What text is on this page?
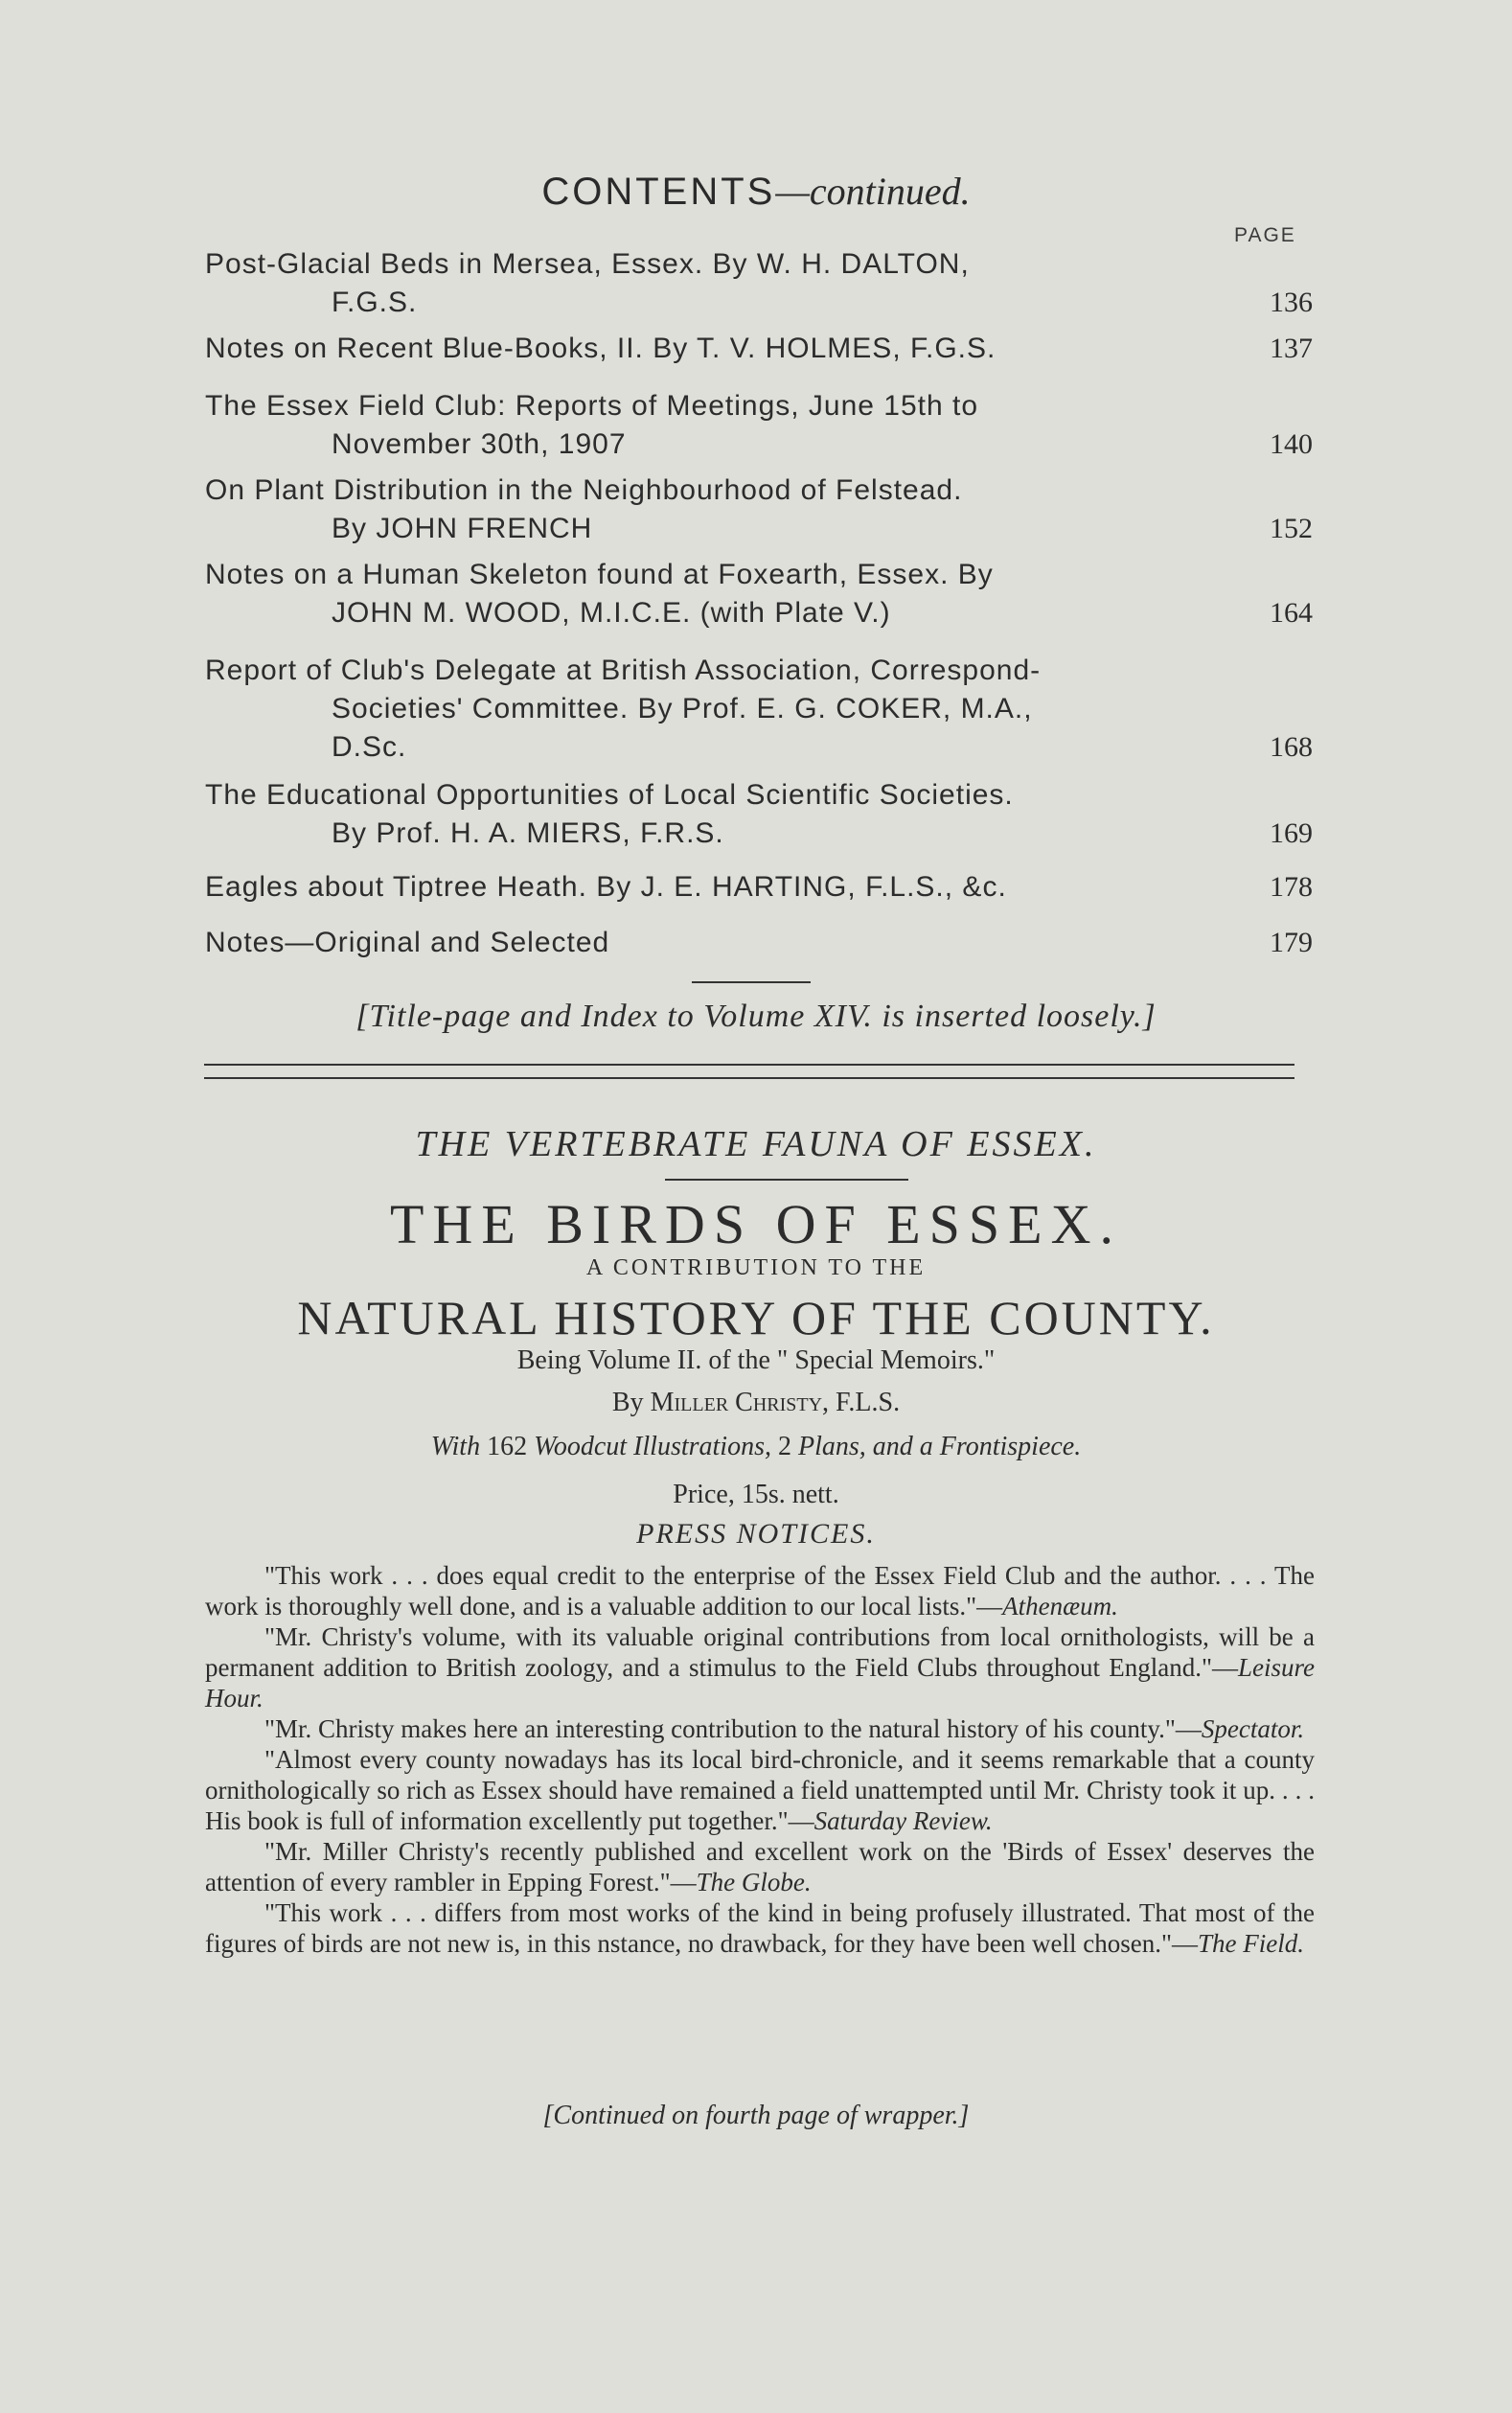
CONTENTS—continued.
PAGE
Post-Glacial Beds in Mersea, Essex. By W. H. DALTON,
F.G.S.	136
Notes on Recent Blue-Books, II. By T. V. HOLMES, F.G.S.	137
The Essex Field Club: Reports of Meetings, June 15th to
November 30th, 1907	140
On Plant Distribution in the Neighbourhood of Felstead.
By JOHN FRENCH	152
Notes on a Human Skeleton found at Foxearth, Essex. By
JOHN M. WOOD, M.I.C.E. (with Plate V.)	164
Report of Club's Delegate at British Association, Correspond-
Societies' Committee. By Prof. E. G. COKER, M.A.,
D.Sc.	168
The Educational Opportunities of Local Scientific Societies.
By Prof. H. A. MIERS, F.R.S.	169
Eagles about Tiptree Heath. By J. E. HARTING, F.L.S., &c.	178
Notes—Original and Selected	179
[Title-page and Index to Volume XIV. is inserted loosely.]
THE VERTEBRATE FAUNA OF ESSEX.
THE BIRDS OF ESSEX.
A CONTRIBUTION TO THE
NATURAL HISTORY OF THE COUNTY.
Being Volume II. of the " Special Memoirs."
By Miller Christy, F.L.S.
With 162 Woodcut Illustrations, 2 Plans, and a Frontispiece.
Price, 15s. nett.
PRESS NOTICES.

"This work . . . does equal credit to the enterprise of the Essex Field Club and the author. . . . The work is thoroughly well done, and is a valuable addition to our local lists."—Athenæum.

"Mr. Christy's volume, with its valuable original contributions from local ornithologists, will be a permanent addition to British zoology, and a stimulus to the Field Clubs throughout England."—Leisure Hour.

"Mr. Christy makes here an interesting contribution to the natural history of his county."—Spectator.

"Almost every county nowadays has its local bird-chronicle, and it seems remarkable that a county ornithologically so rich as Essex should have remained a field unattempted until Mr. Christy took it up. . . . His book is full of information excellently put together."—Saturday Review.

"Mr. Miller Christy's recently published and excellent work on the 'Birds of Essex' deserves the attention of every rambler in Epping Forest."—The Globe.

"This work . . . differs from most works of the kind in being profusely illustrated. That most of the figures of birds are not new is, in this nstance, no drawback, for they have been well chosen."—The Field.

[Continued on fourth page of wrapper.]
